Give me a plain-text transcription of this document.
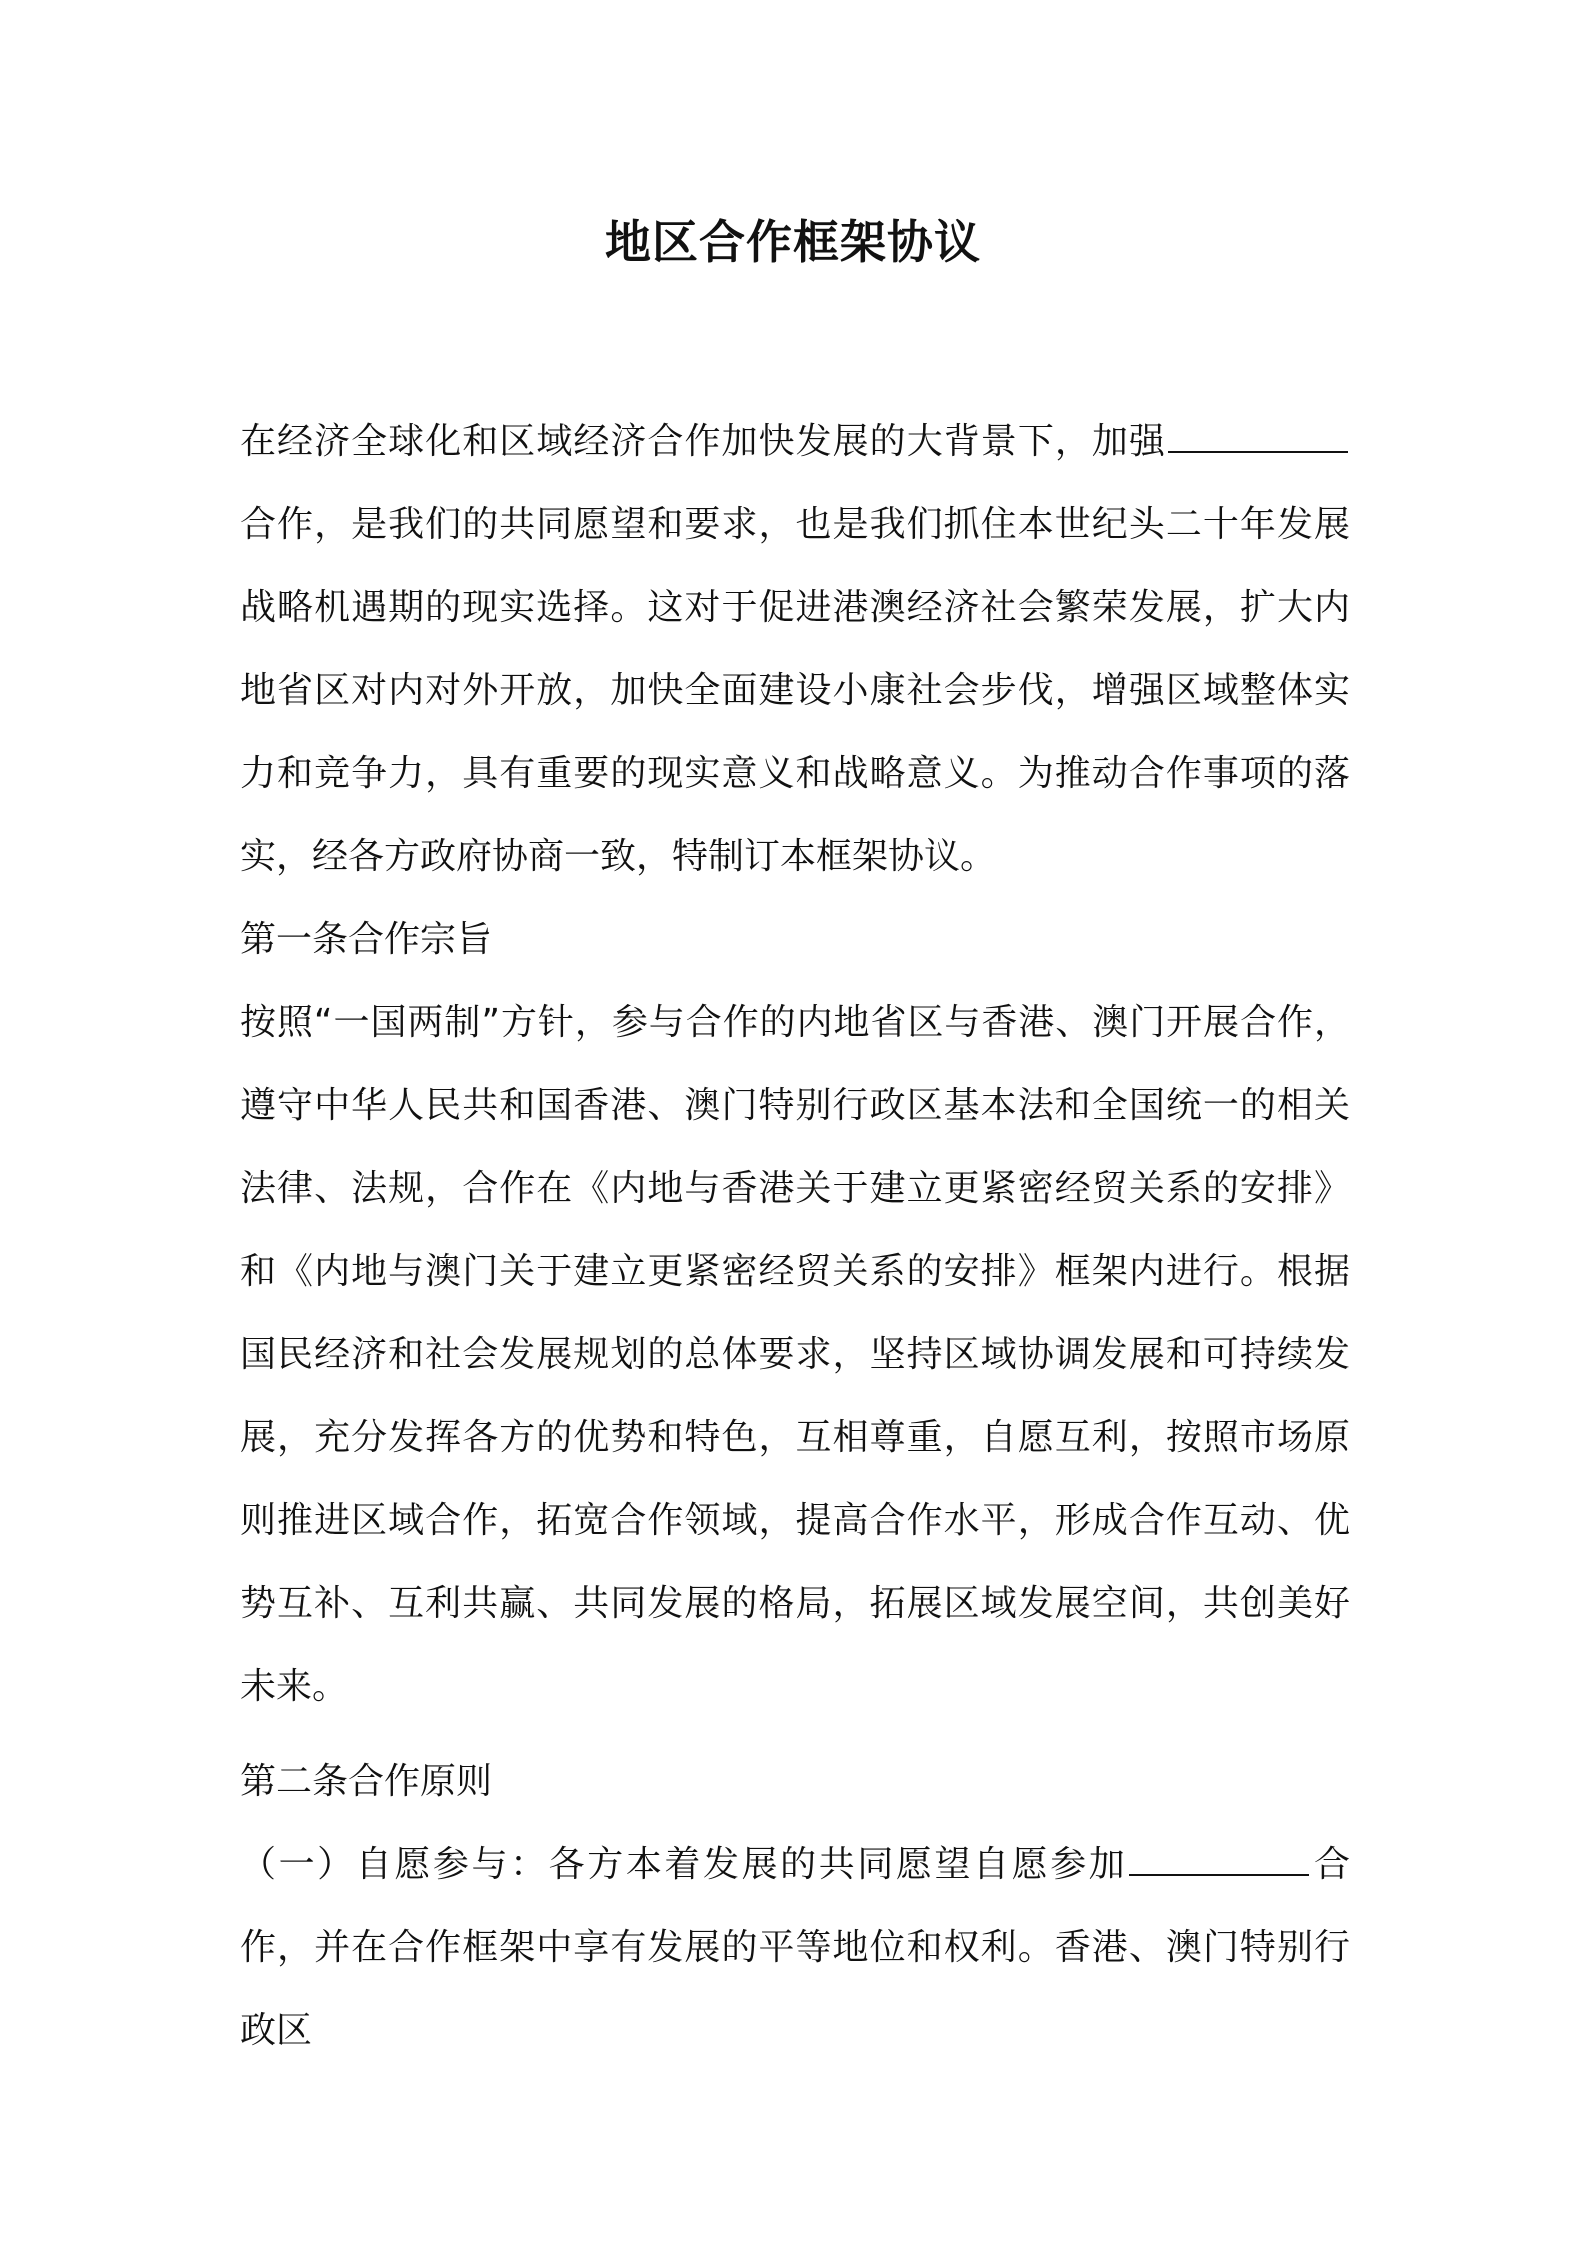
地区合作框架协议

在经济全球化和区域经济合作加快发展的大背景下，加强合作，是我们的共同愿望和要求，也是我们抓住本世纪头二十年发展战略机遇期的现实选择。这对于促进港澳经济社会繁荣发展，扩大内地省区对内对外开放，加快全面建设小康社会步伐，增强区域整体实力和竞争力，具有重要的现实意义和战略意义。为推动合作事项的落实，经各方政府协商一致，特制订本框架协议。

第一条合作宗旨

按照“一国两制”方针，参与合作的内地省区与香港、澳门开展合作，遵守中华人民共和国香港、澳门特别行政区基本法和全国统一的相关法律、法规，合作在《内地与香港关于建立更紧密经贸关系的安排》和《内地与澳门关于建立更紧密经贸关系的安排》框架内进行。根据国民经济和社会发展规划的总体要求，坚持区域协调发展和可持续发展，充分发挥各方的优势和特色，互相尊重，自愿互利，按照市场原则推进区域合作，拓宽合作领域，提高合作水平，形成合作互动、优势互补、互利共赢、共同发展的格局，拓展区域发展空间，共创美好未来。

第二条合作原则

（一）自愿参与：各方本着发展的共同愿望自愿参加	合作，并在合作框架中享有发展的平等地位和权利。香港、澳门特别行政区
